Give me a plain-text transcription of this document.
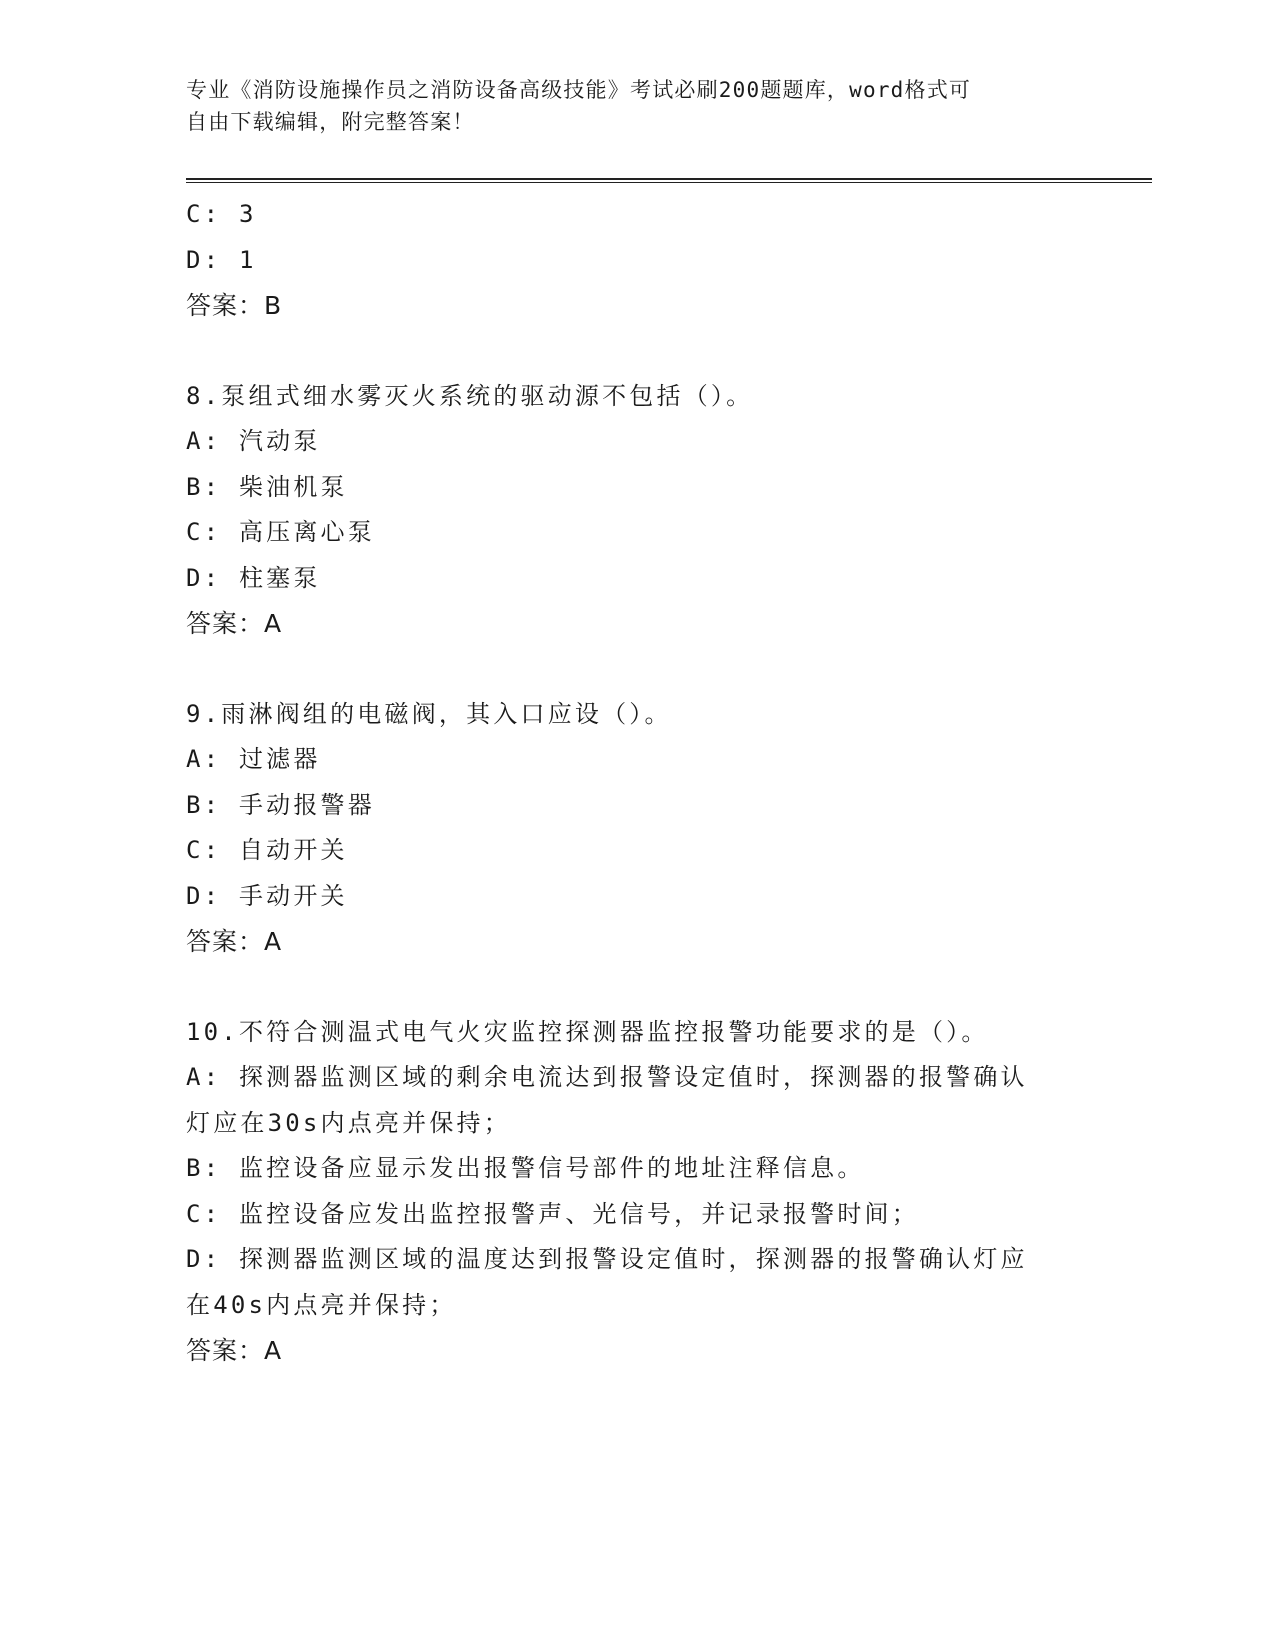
专业《消防设施操作员之消防设备高级技能》考试必刷200题题库，word格式可
自由下载编辑，附完整答案！
C: 3
D: 1
答案：B
8.泵组式细水雾灭火系统的驱动源不包括（）。
A: 汽动泵
B: 柴油机泵
C: 高压离心泵
D: 柱塞泵
答案：A
9.雨淋阀组的电磁阀，其入口应设（）。
A: 过滤器
B: 手动报警器
C: 自动开关
D: 手动开关
答案：A
10.不符合测温式电气火灾监控探测器监控报警功能要求的是（）。
A: 探测器监测区域的剩余电流达到报警设定值时，探测器的报警确认
灯应在30s内点亮并保持；
B: 监控设备应显示发出报警信号部件的地址注释信息。
C: 监控设备应发出监控报警声、光信号，并记录报警时间；
D: 探测器监测区域的温度达到报警设定值时，探测器的报警确认灯应
在40s内点亮并保持；
答案：A
